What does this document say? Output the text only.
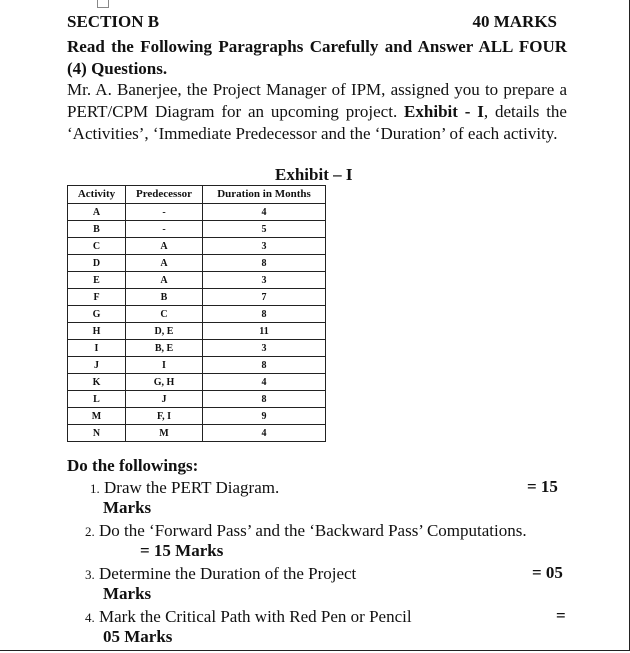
SECTION B	40 MARKS

Read the Following Paragraphs Carefully and Answer ALL FOUR (4) Questions.

Mr. A. Banerjee, the Project Manager of IPM, assigned you to prepare a PERT/CPM Diagram for an upcoming project. Exhibit - I, details the ‘Activities’, ‘Immediate Predecessor and the ‘Duration’ of each activity.

Exhibit – I
Activity	Predecessor	Duration in Months
A	-	4
B	-	5
C	A	3
D	A	8
E	A	3
F	B	7
G	C	8
H	D, E	11
I	B, E	3
J	I	8
K	G, H	4
L	J	8
M	F, I	9
N	M	4
Do the followings:
1. Draw the PERT Diagram.	= 15
Marks
2. Do the ‘Forward Pass’ and the ‘Backward Pass’ Computations.
= 15 Marks
3. Determine the Duration of the Project	= 05
Marks
4. Mark the Critical Path with Red Pen or Pencil	=
05 Marks
